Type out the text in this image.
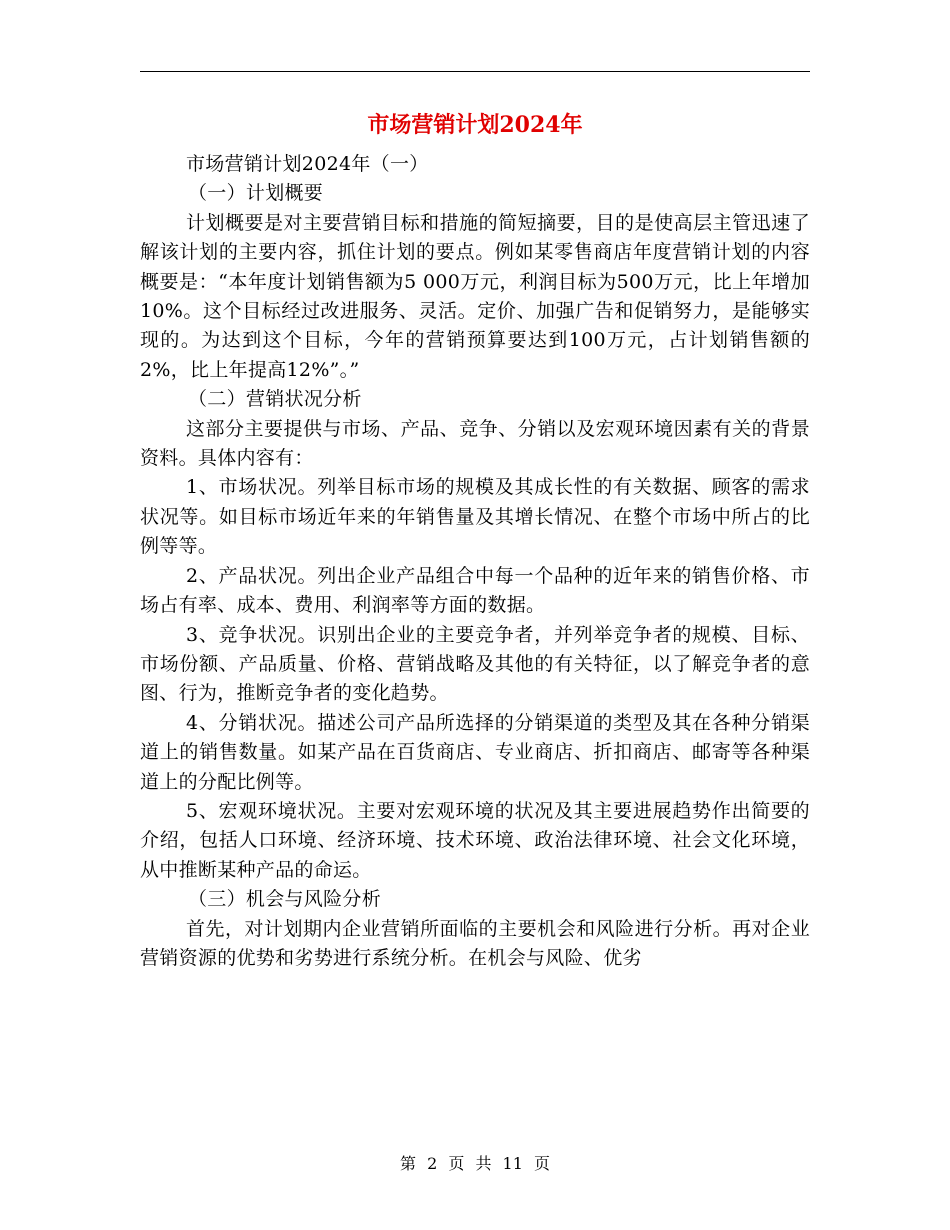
市场营销计划2024年

市场营销计划2024年（一）

（一）计划概要

计划概要是对主要营销目标和措施的简短摘要，目的是使高层主管迅速了解该计划的主要内容，抓住计划的要点。例如某零售商店年度营销计划的内容概要是：“本年度计划销售额为5 000万元，利润目标为500万元，比上年增加10%。这个目标经过改进服务、灵活。定价、加强广告和促销努力，是能够实现的。为达到这个目标，今年的营销预算要达到100万元，占计划销售额的2%，比上年提高12%”。”

（二）营销状况分析

这部分主要提供与市场、产品、竞争、分销以及宏观环境因素有关的背景资料。具体内容有：

1、市场状况。列举目标市场的规模及其成长性的有关数据、顾客的需求状况等。如目标市场近年来的年销售量及其增长情况、在整个市场中所占的比例等等。

2、产品状况。列出企业产品组合中每一个品种的近年来的销售价格、市场占有率、成本、费用、利润率等方面的数据。

3、竞争状况。识别出企业的主要竞争者，并列举竞争者的规模、目标、市场份额、产品质量、价格、营销战略及其他的有关特征，以了解竞争者的意图、行为，推断竞争者的变化趋势。

4、分销状况。描述公司产品所选择的分销渠道的类型及其在各种分销渠道上的销售数量。如某产品在百货商店、专业商店、折扣商店、邮寄等各种渠道上的分配比例等。

5、宏观环境状况。主要对宏观环境的状况及其主要进展趋势作出简要的介绍，包括人口环境、经济环境、技术环境、政治法律环境、社会文化环境，从中推断某种产品的命运。

（三）机会与风险分析

首先，对计划期内企业营销所面临的主要机会和风险进行分析。再对企业营销资源的优势和劣势进行系统分析。在机会与风险、优劣

第 2 页 共 11 页
